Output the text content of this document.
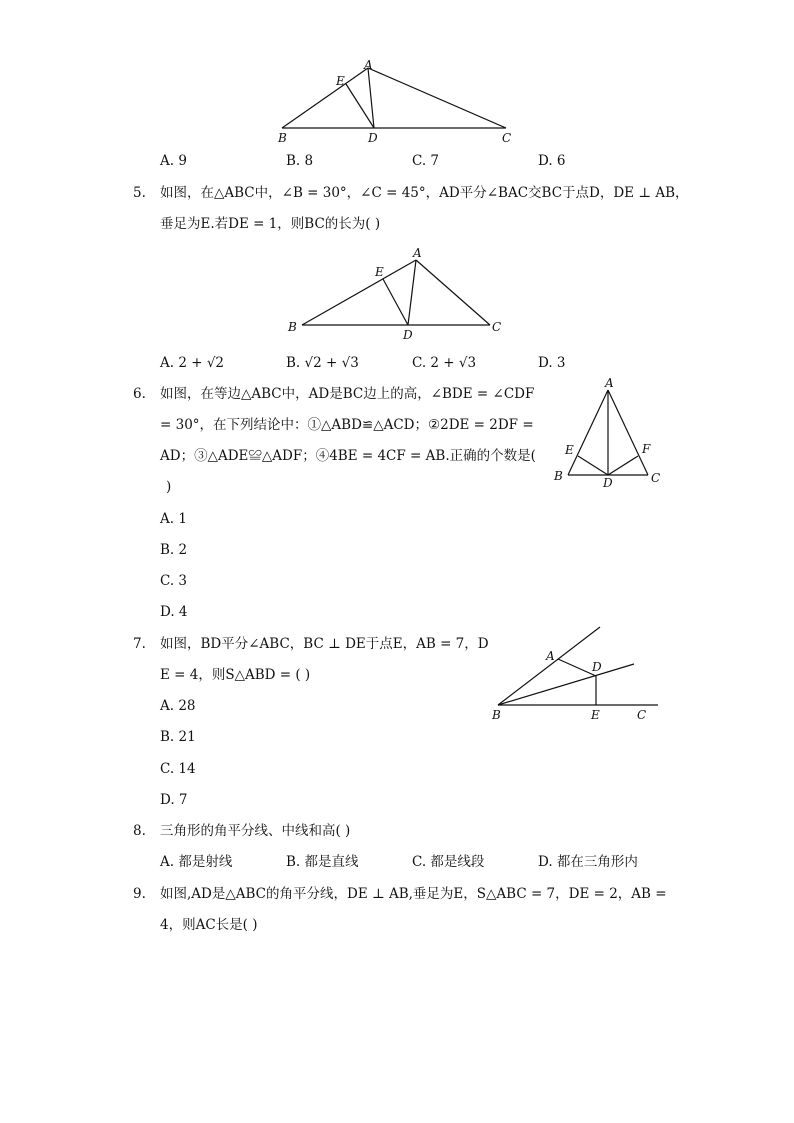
A
E
B	D	C
A. 9	B. 8	C. 7	D. 6
5. 如图，在△ABC中，∠B = 30°，∠C = 45°，AD平分∠BAC交BC于点D，DE ⊥ AB，
垂足为E.若DE = 1，则BC的长为( )
A
E
B
D
C
A. 2 + √2	B. √2 + √3	C. 2 + √3	D. 3
6. 如图，在等边△ABC中，AD是BC边上的高，∠BDE = ∠CDF
= 30°，在下列结论中：①△ABD≌△ACD；②2DE = 2DF =
AD；③△ADE≌△ADF；④4BE = 4CF = AB.正确的个数是(
)
A
E	F
B	D	C
A. 1
B. 2
C. 3
D. 4
7. 如图，BD平分∠ABC，BC ⊥ DE于点E，AB = 7，D
E = 4，则S△ABD = ( )
A
D
B	E	C
A. 28
B. 21
C. 14
D. 7
8. 三角形的角平分线、中线和高( )
A. 都是射线	B. 都是直线	C. 都是线段	D. 都在三角形内
9. 如图,AD是△ABC的角平分线，DE ⊥ AB,垂足为E，S△ABC = 7，DE = 2，AB =
4，则AC长是( )
